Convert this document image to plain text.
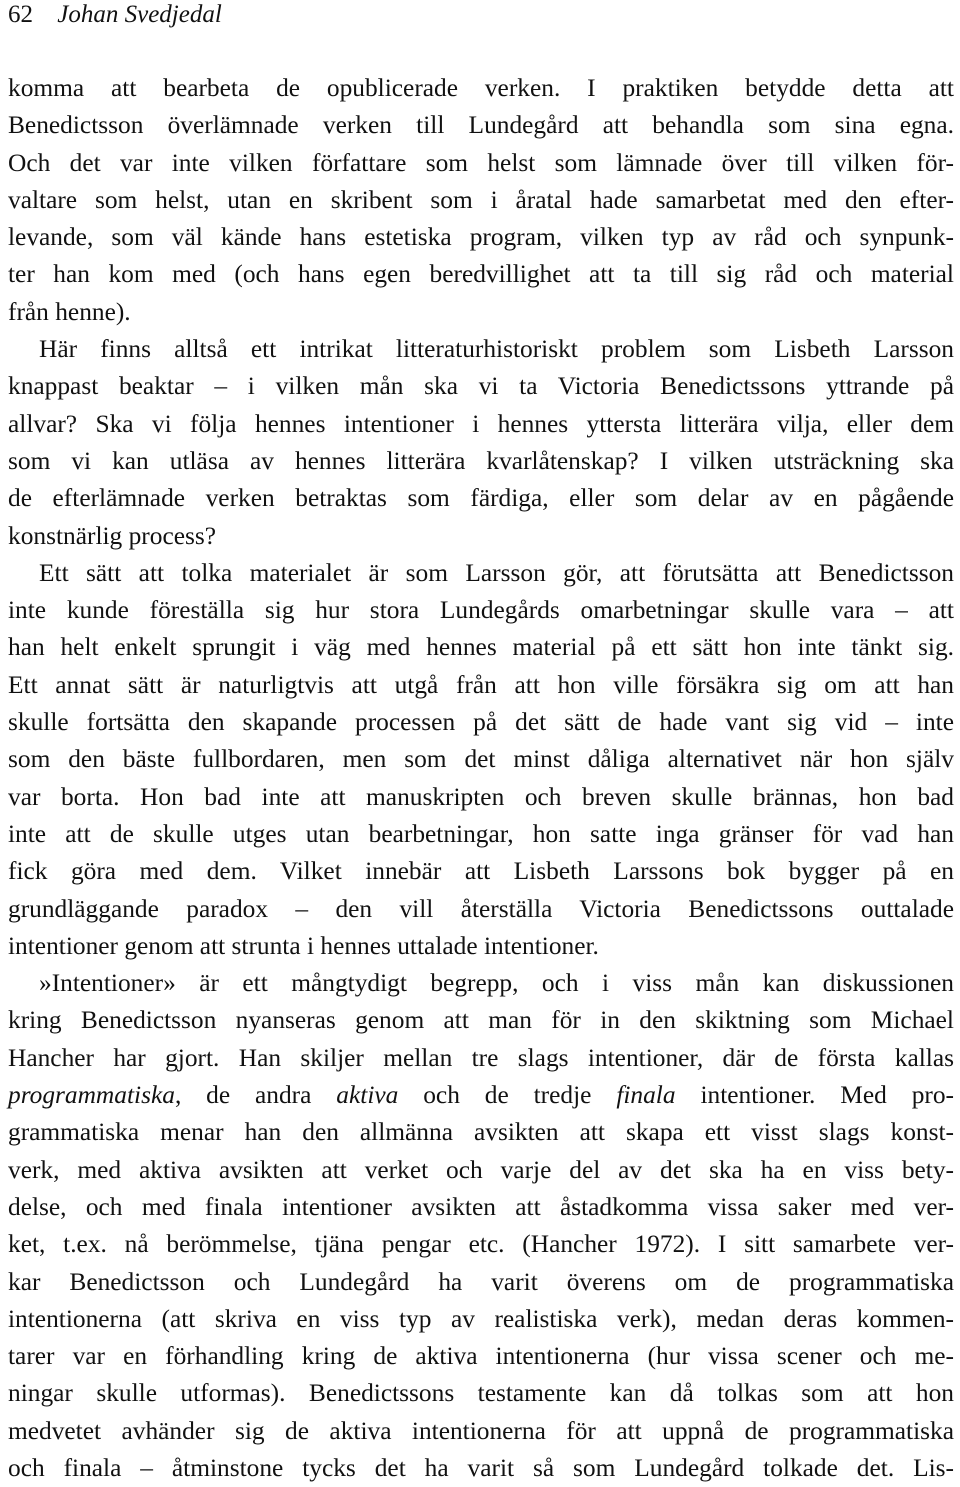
62 Johan Svedjedal
komma att bearbeta de opublicerade verken. I praktiken betydde detta att
Benedictsson överlämnade verken till Lundegård att behandla som sina egna.
Och det var inte vilken författare som helst som lämnade över till vilken för-
valtare som helst, utan en skribent som i åratal hade samarbetat med den efter-
levande, som väl kände hans estetiska program, vilken typ av råd och synpunk-
ter han kom med (och hans egen beredvillighet att ta till sig råd och material
från henne).
Här finns alltså ett intrikat litteraturhistoriskt problem som Lisbeth Larsson
knappast beaktar – i vilken mån ska vi ta Victoria Benedictssons yttrande på
allvar? Ska vi följa hennes intentioner i hennes yttersta litterära vilja, eller dem
som vi kan utläsa av hennes litterära kvarlåtenskap? I vilken utsträckning ska
de efterlämnade verken betraktas som färdiga, eller som delar av en pågående
konstnärlig process?
Ett sätt att tolka materialet är som Larsson gör, att förutsätta att Benedictsson
inte kunde föreställa sig hur stora Lundegårds omarbetningar skulle vara – att
han helt enkelt sprungit i väg med hennes material på ett sätt hon inte tänkt sig.
Ett annat sätt är naturligtvis att utgå från att hon ville försäkra sig om att han
skulle fortsätta den skapande processen på det sätt de hade vant sig vid – inte
som den bäste fullbordaren, men som det minst dåliga alternativet när hon själv
var borta. Hon bad inte att manuskripten och breven skulle brännas, hon bad
inte att de skulle utges utan bearbetningar, hon satte inga gränser för vad han
fick göra med dem. Vilket innebär att Lisbeth Larssons bok bygger på en
grundläggande paradox – den vill återställa Victoria Benedictssons outtalade
intentioner genom att strunta i hennes uttalade intentioner.
»Intentioner» är ett mångtydigt begrepp, och i viss mån kan diskussionen
kring Benedictsson nyanseras genom att man för in den skiktning som Michael
Hancher har gjort. Han skiljer mellan tre slags intentioner, där de första kallas
programmatiska, de andra aktiva och de tredje finala intentioner. Med pro-
grammatiska menar han den allmänna avsikten att skapa ett visst slags konst-
verk, med aktiva avsikten att verket och varje del av det ska ha en viss bety-
delse, och med finala intentioner avsikten att åstadkomma vissa saker med ver-
ket, t.ex. nå berömmelse, tjäna pengar etc. (Hancher 1972). I sitt samarbete ver-
kar Benedictsson och Lundegård ha varit överens om de programmatiska
intentionerna (att skriva en viss typ av realistiska verk), medan deras kommen-
tarer var en förhandling kring de aktiva intentionerna (hur vissa scener och me-
ningar skulle utformas). Benedictssons testamente kan då tolkas som att hon
medvetet avhänder sig de aktiva intentionerna för att uppnå de programmatiska
och finala – åtminstone tycks det ha varit så som Lundegård tolkade det. Lis-
